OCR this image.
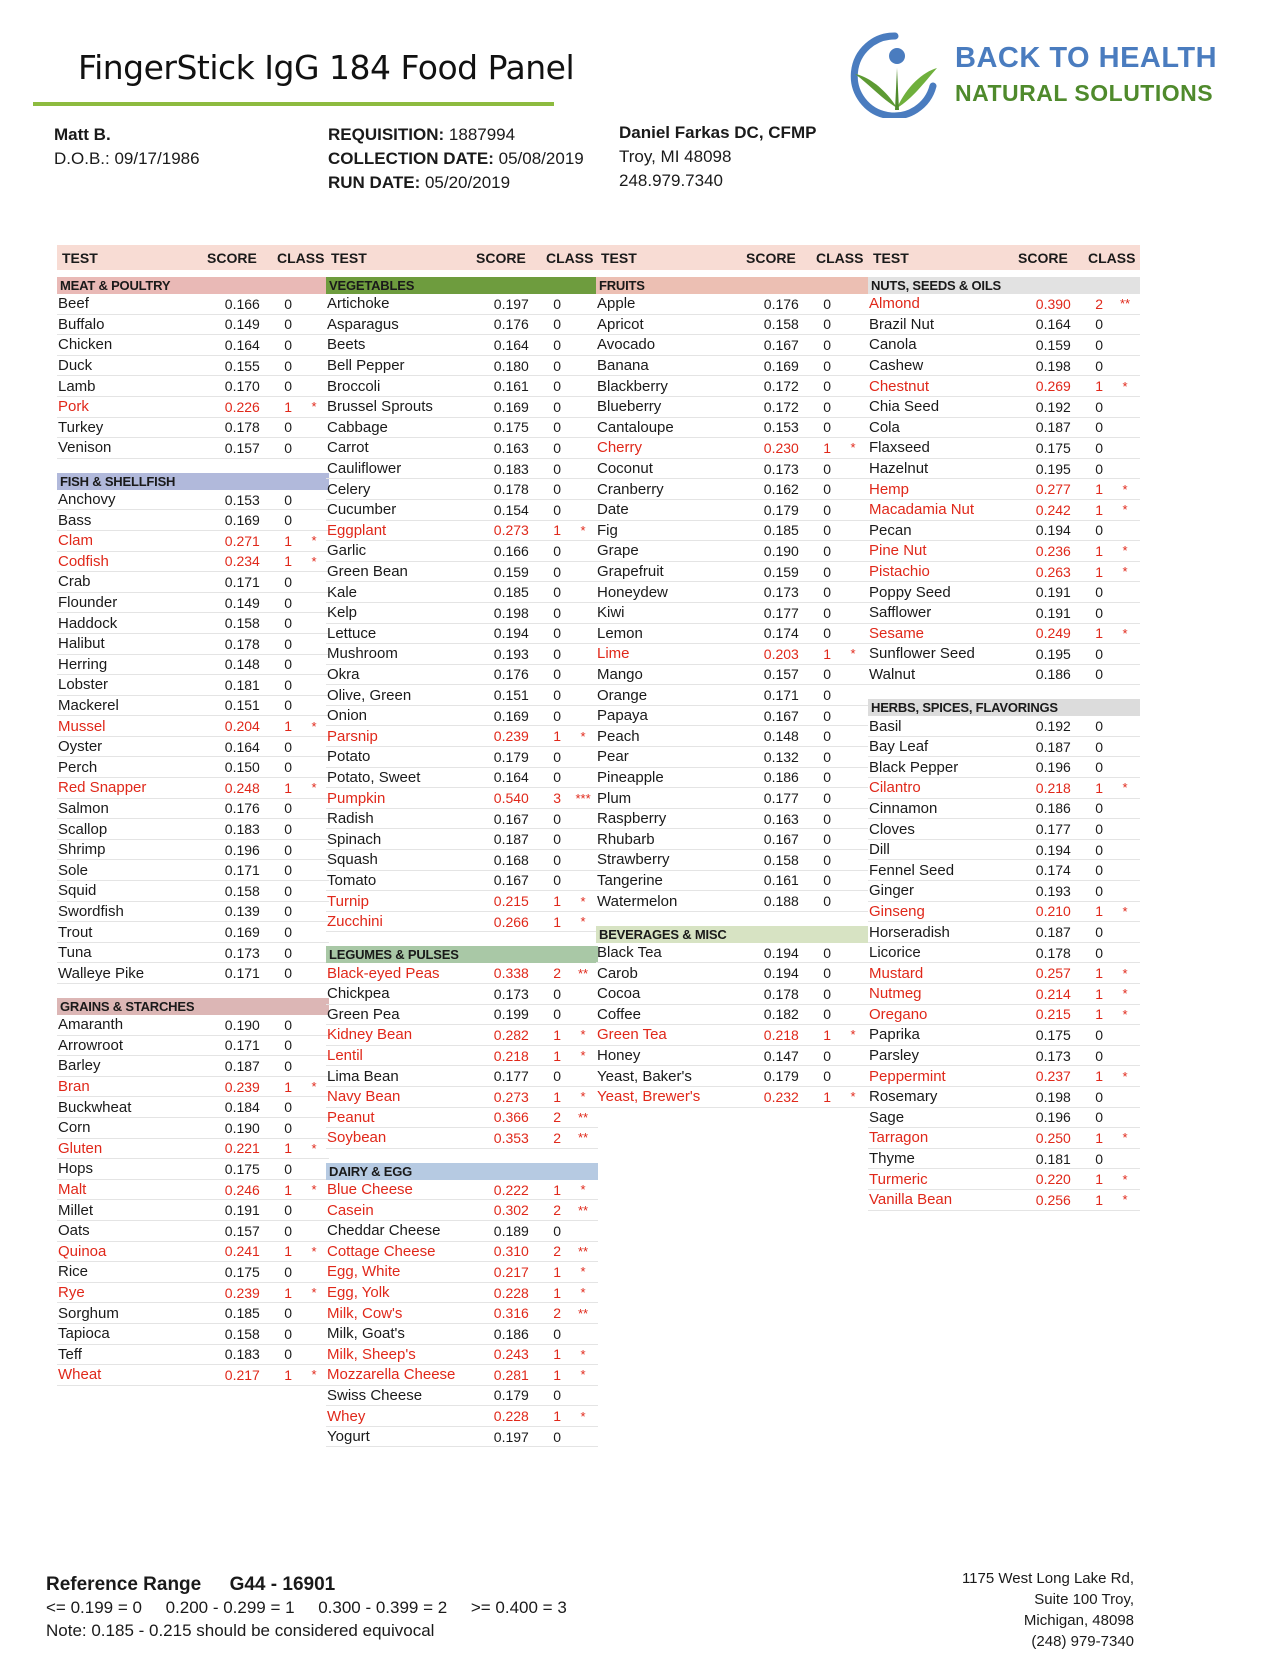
FingerStick IgG 184 Food Panel	BACK TO HEALTH
NATURAL SOLUTIONS
Matt B.
D.O.B.: 09/17/1986
REQUISITION: 1887994
COLLECTION DATE: 05/08/2019
RUN DATE: 05/20/2019
Daniel Farkas DC, CFMP
Troy, MI 48098
248.979.7340
TEST	SCORE	CLASS
MEAT & POULTRY
Beef	0.166	0
Buffalo	0.149	0
Chicken	0.164	0
Duck	0.155	0
Lamb	0.170	0
Pork	0.226	1	*
Turkey	0.178	0
Venison	0.157	0
FISH & SHELLFISH
Anchovy	0.153	0
Bass	0.169	0
Clam	0.271	1	*
Codfish	0.234	1	*
Crab	0.171	0
Flounder	0.149	0
Haddock	0.158	0
Halibut	0.178	0
Herring	0.148	0
Lobster	0.181	0
Mackerel	0.151	0
Mussel	0.204	1	*
Oyster	0.164	0
Perch	0.150	0
Red Snapper	0.248	1	*
Salmon	0.176	0
Scallop	0.183	0
Shrimp	0.196	0
Sole	0.171	0
Squid	0.158	0
Swordfish	0.139	0
Trout	0.169	0
Tuna	0.173	0
Walleye Pike	0.171	0
GRAINS & STARCHES
Amaranth	0.190	0
Arrowroot	0.171	0
Barley	0.187	0
Bran	0.239	1	*
Buckwheat	0.184	0
Corn	0.190	0
Gluten	0.221	1	*
Hops	0.175	0
Malt	0.246	1	*
Millet	0.191	0
Oats	0.157	0
Quinoa	0.241	1	*
Rice	0.175	0
Rye	0.239	1	*
Sorghum	0.185	0
Tapioca	0.158	0
Teff	0.183	0
Wheat	0.217	1	*
TEST	SCORE	CLASS
VEGETABLES
Artichoke	0.197	0
Asparagus	0.176	0
Beets	0.164	0
Bell Pepper	0.180	0
Broccoli	0.161	0
Brussel Sprouts	0.169	0
Cabbage	0.175	0
Carrot	0.163	0
Cauliflower	0.183	0
Celery	0.178	0
Cucumber	0.154	0
Eggplant	0.273	1	*
Garlic	0.166	0
Green Bean	0.159	0
Kale	0.185	0
Kelp	0.198	0
Lettuce	0.194	0
Mushroom	0.193	0
Okra	0.176	0
Olive, Green	0.151	0
Onion	0.169	0
Parsnip	0.239	1	*
Potato	0.179	0
Potato, Sweet	0.164	0
Pumpkin	0.540	3	***
Radish	0.167	0
Spinach	0.187	0
Squash	0.168	0
Tomato	0.167	0
Turnip	0.215	1	*
Zucchini	0.266	1	*
LEGUMES & PULSES
Black-eyed Peas	0.338	2	**
Chickpea	0.173	0
Green Pea	0.199	0
Kidney Bean	0.282	1	*
Lentil	0.218	1	*
Lima Bean	0.177	0
Navy Bean	0.273	1	*
Peanut	0.366	2	**
Soybean	0.353	2	**
DAIRY & EGG
Blue Cheese	0.222	1	*
Casein	0.302	2	**
Cheddar Cheese	0.189	0
Cottage Cheese	0.310	2	**
Egg, White	0.217	1	*
Egg, Yolk	0.228	1	*
Milk, Cow's	0.316	2	**
Milk, Goat's	0.186	0
Milk, Sheep's	0.243	1	*
Mozzarella Cheese	0.281	1	*
Swiss Cheese	0.179	0
Whey	0.228	1	*
Yogurt	0.197	0
TEST	SCORE	CLASS
FRUITS
Apple	0.176	0
Apricot	0.158	0
Avocado	0.167	0
Banana	0.169	0
Blackberry	0.172	0
Blueberry	0.172	0
Cantaloupe	0.153	0
Cherry	0.230	1	*
Coconut	0.173	0
Cranberry	0.162	0
Date	0.179	0
Fig	0.185	0
Grape	0.190	0
Grapefruit	0.159	0
Honeydew	0.173	0
Kiwi	0.177	0
Lemon	0.174	0
Lime	0.203	1	*
Mango	0.157	0
Orange	0.171	0
Papaya	0.167	0
Peach	0.148	0
Pear	0.132	0
Pineapple	0.186	0
Plum	0.177	0
Raspberry	0.163	0
Rhubarb	0.167	0
Strawberry	0.158	0
Tangerine	0.161	0
Watermelon	0.188	0
BEVERAGES & MISC
Black Tea	0.194	0
Carob	0.194	0
Cocoa	0.178	0
Coffee	0.182	0
Green Tea	0.218	1	*
Honey	0.147	0
Yeast, Baker's	0.179	0
Yeast, Brewer's	0.232	1	*
TEST	SCORE	CLASS
NUTS, SEEDS & OILS
Almond	0.390	2	**
Brazil Nut	0.164	0
Canola	0.159	0
Cashew	0.198	0
Chestnut	0.269	1	*
Chia Seed	0.192	0
Cola	0.187	0
Flaxseed	0.175	0
Hazelnut	0.195	0
Hemp	0.277	1	*
Macadamia Nut	0.242	1	*
Pecan	0.194	0
Pine Nut	0.236	1	*
Pistachio	0.263	1	*
Poppy Seed	0.191	0
Safflower	0.191	0
Sesame	0.249	1	*
Sunflower Seed	0.195	0
Walnut	0.186	0
HERBS, SPICES, FLAVORINGS
Basil	0.192	0
Bay Leaf	0.187	0
Black Pepper	0.196	0
Cilantro	0.218	1	*
Cinnamon	0.186	0
Cloves	0.177	0
Dill	0.194	0
Fennel Seed	0.174	0
Ginger	0.193	0
Ginseng	0.210	1	*
Horseradish	0.187	0
Licorice	0.178	0
Mustard	0.257	1	*
Nutmeg	0.214	1	*
Oregano	0.215	1	*
Paprika	0.175	0
Parsley	0.173	0
Peppermint	0.237	1	*
Rosemary	0.198	0
Sage	0.196	0
Tarragon	0.250	1	*
Thyme	0.181	0
Turmeric	0.220	1	*
Vanilla Bean	0.256	1	*
Reference Range G44 - 16901
<= 0.199 = 0     0.200 - 0.299 = 1     0.300 - 0.399 = 2     >= 0.400 = 3
Note: 0.185 - 0.215 should be considered equivocal
1175 West Long Lake Rd,
Suite 100 Troy,
Michigan, 48098
(248) 979-7340
